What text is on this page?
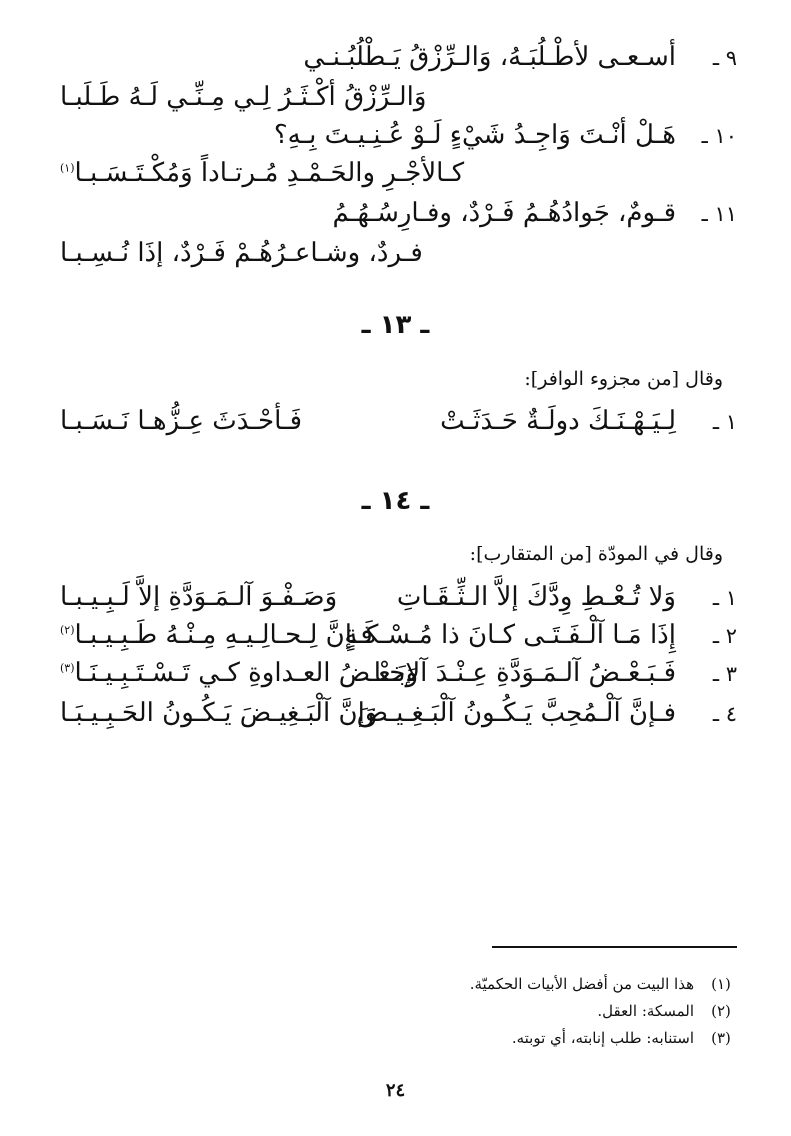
٩ ـ
أسـعـى لأطْـلُبَـهُ، وَالـرِّزْقُ يَـطْلُبُـنـي
وَالـرِّزْقُ أكْـثَـرُ لِـي مِـنِّـي لَـهُ طَـلَبـا
١٠ ـ
هَـلْ أنْـتَ وَاجِـدُ شَيْءٍ لَـوْ عُـنِـيـتَ بِـهِ؟
كـالأجْـرِ والحَـمْـدِ مُـرتـاداً وَمُكْـتَـسَـبـا$^{(١)}$
١١ ـ
قـومٌ، جَوادُهُـمُ فَـرْدٌ، وفـارِسُـهُـمُ
فـردٌ، وشـاعـرُهُـمْ فَـرْدٌ، إذَا نُـسِـبـا
ـ ١٣ ـ
وقال [من مجزوء الوافر]:
١ ـ
لِـيَـهْـنَـكَ دولَـةٌ حَـدَثَـتْ
فَـأحْـدَثَ عِـزُّهـا نَـسَـبـا
ـ ١٤ ـ
وقال في المودّة [من المتقارب]:
١ ـ
وَلا تُـعْـطِ وِدَّكَ إلاَّ الـثِّـقَـاتِ
وَصَـفْـوَ آلـمَـوَدَّةِ إلاَّ لَـبِـيـبـا
٢ ـ
إِذَا مَـا آلْـفَـتَـى كـانَ ذا مُـسْـكَـةٍ
فـإنَّ لِـحـالِـيـهِ مِـنْـهُ طَـبِـيـبـا$^{(٢)}$
٣ ـ
فَـبَـعْـضُ آلـمَـوَدَّةِ عِـنْـدَ آلإخـا
وَبَـعْـضُ العـداوةِ كـي تَـسْـتَـبِـيـنَـا$^{(٣)}$
٤ ـ
فـإنَّ آلْـمُحِبَّ يَـكُـونُ آلْبَـغِـيـضَ
وَإنَّ آلْبَـغِيـضَ يَـكُـونُ الحَـبِـيـبَـا
(١)
هذا البيت من أفضل الأبيات الحكميّة.
(٢)
المسكة: العقل.
(٣)
استنابه: طلب إنابته، أي توبته.
٢٤
